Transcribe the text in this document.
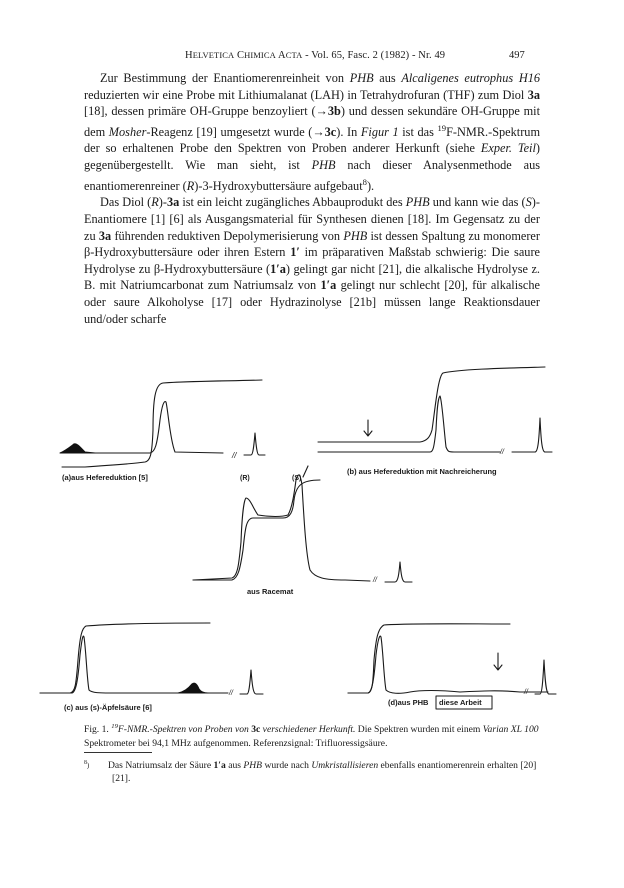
HELVETICA CHIMICA ACTA - Vol. 65, Fasc. 2 (1982) - Nr. 49	497

Zur Bestimmung der Enantiomerenreinheit von PHB aus Alcaligenes eutrophus H16 reduzierten wir eine Probe mit Lithiumalanat (LAH) in Tetrahydrofuran (THF) zum Diol 3a [18], dessen primäre OH-Gruppe benzoyliert (→3b) und dessen sekundäre OH-Gruppe mit dem Mosher-Reagenz [19] umgesetzt wurde (→3c). In Figur 1 ist das $^{19}$F-NMR.-Spektrum der so erhaltenen Probe den Spektren von Proben anderer Herkunft (siehe Exper. Teil) gegenübergestellt. Wie man sieht, ist PHB nach dieser Analysenmethode aus enantiomerenreiner (R)-3-Hydroxybuttersäure aufgebaut$^8$).

Das Diol (R)-3a ist ein leicht zugängliches Abbauprodukt des PHB und kann wie das (S)-Enantiomere [1] [6] als Ausgangsmaterial für Synthesen dienen [18]. Im Gegensatz zu der zu 3a führenden reduktiven Depolymerisierung von PHB ist dessen Spaltung zu monomerer β-Hydroxybuttersäure oder ihren Estern 1′ im präparativen Maßstab schwierig: Die saure Hydrolyse zu β-Hydroxybuttersäure (1′a) gelingt gar nicht [21], die alkalische Hydrolyse z. B. mit Natriumcarbonat zum Natriumsalz von 1′a gelingt nur schlecht [20], für alkalische oder saure Alkoholyse [17] oder Hydrazinolyse [21b] müssen lange Reaktionsdauer und/oder scharfe

//	//
//
//	//
(a)aus Hefereduktion [5]	(R)	(S)
(b) aus Hefereduktion mit Nachreicherung
aus Racemat
(c) aus (s)-Äpfelsäure [6]
(d)aus PHB diese Arbeit
Fig. 1. $^{19}$F-NMR.-Spektren von Proben von 3c verschiedener Herkunft. Die Spektren wurden mit einem Varian XL 100 Spektrometer bei 94,1 MHz aufgenommen. Referenzsignal: Trifluoressigsäure.
$^8$)	Das Natriumsalz der Säure 1′a aus PHB wurde nach Umkristallisieren ebenfalls enantiomerenrein erhalten [20] [21].
